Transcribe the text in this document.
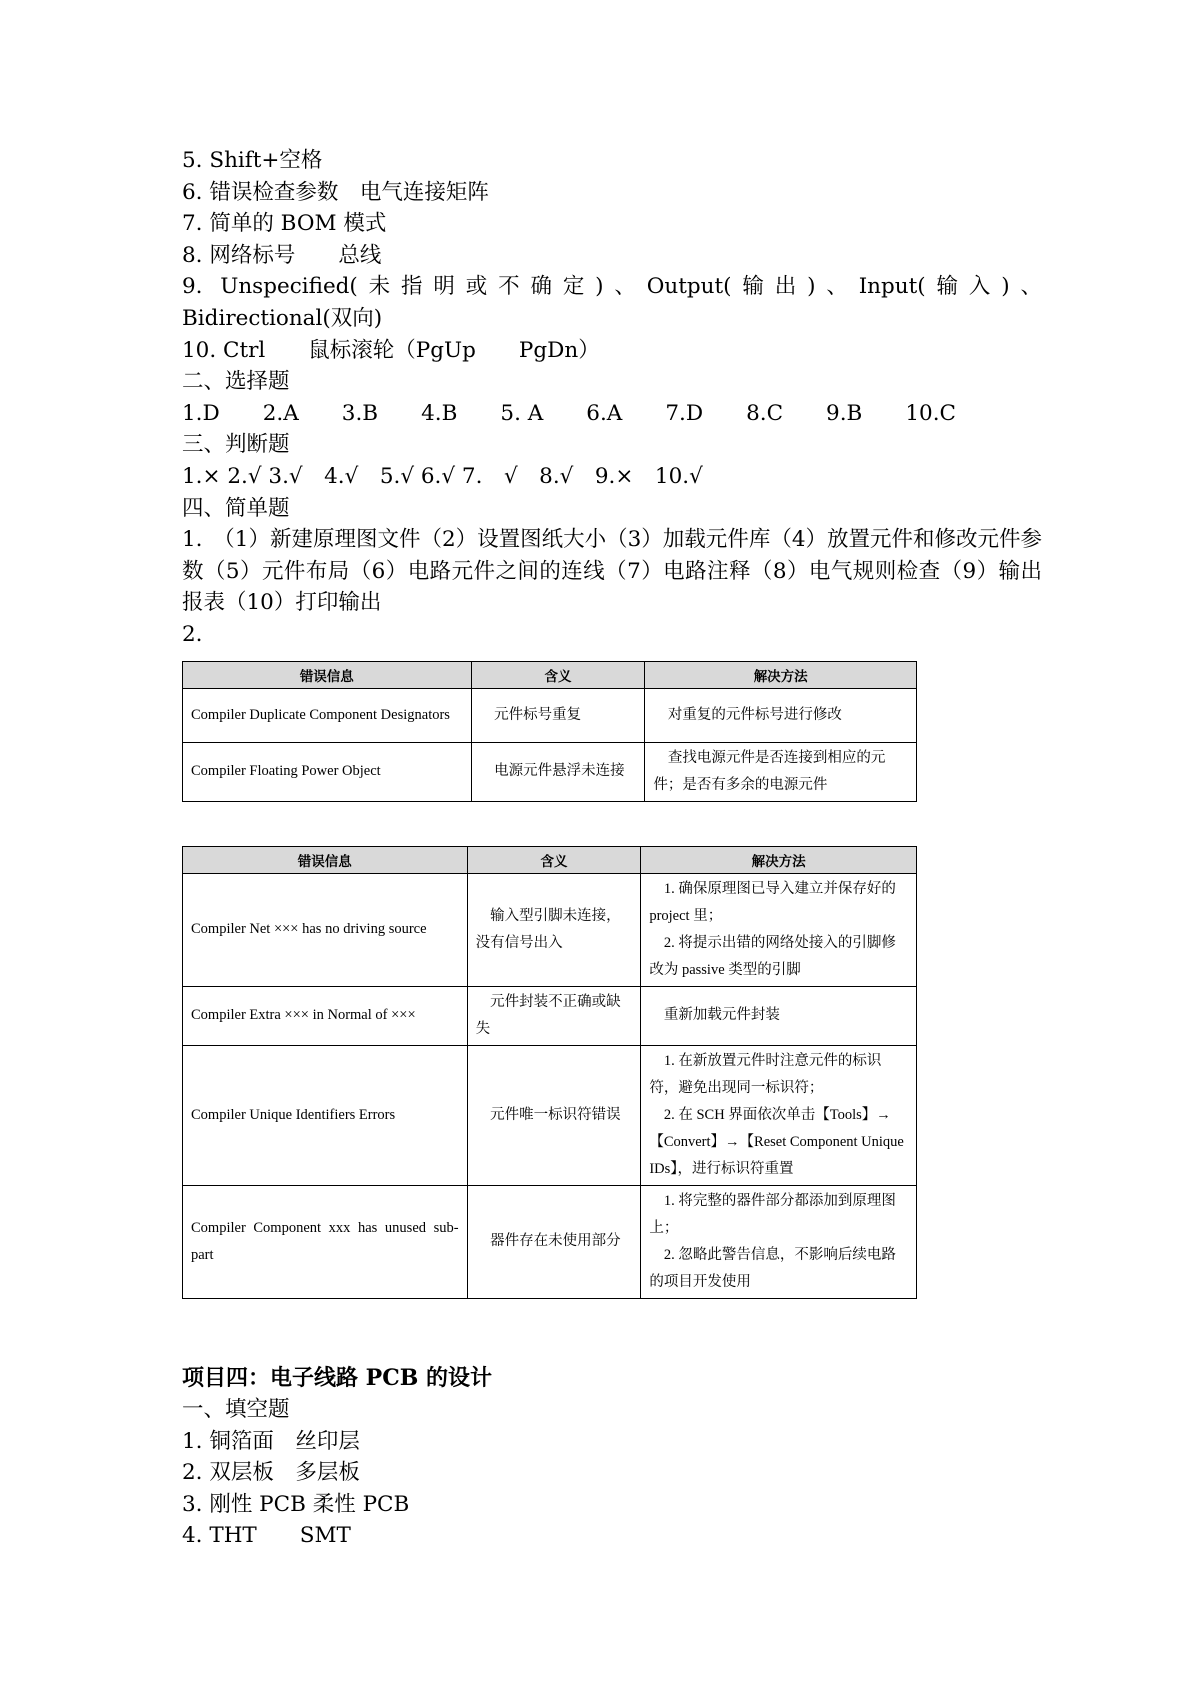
5. Shift+空格
6. 错误检查参数　电气连接矩阵
7. 简单的 BOM 模式
8. 网络标号　　总线
9. Unspecified(未指明或不确定)、Output(输出)、Input(输入)、
Bidirectional(双向)
10. Ctrl　　鼠标滚轮（PgUp　　PgDn）
二、选择题
1.D　　2.A　　3.B　　4.B　　5. A　　6.A　　7.D　　8.C　　9.B　　10.C
三、判断题
1.× 2.√ 3.√　4.√　5.√ 6.√ 7.　√　8.√　9.×　10.√
四、简单题
1.　（1）新建原理图文件（2）设置图纸大小（3）加载元件库（4）放置元件和修改元件参数（5）元件布局（6）电路元件之间的连线（7）电路注释（8）电气规则检查（9）输出报表（10）打印输出
2.
错误信息	含义	解决方法
Compiler Duplicate Component Designators	元件标号重复	对重复的元件标号进行修改
Compiler Floating Power Object	电源元件悬浮未连接	查找电源元件是否连接到相应的元件；是否有多余的电源元件
错误信息	含义	解决方法
Compiler Net ××× has no driving source	输入型引脚未连接，没有信号出入	1. 确保原理图已导入建立并保存好的 project 里；
2. 将提示出错的网络处接入的引脚修改为 passive 类型的引脚

Compiler Extra ××× in Normal of ×××	元件封装不正确或缺失	重新加载元件封装

Compiler Unique Identifiers Errors	元件唯一标识符错误	1. 在新放置元件时注意元件的标识符，避免出现同一标识符；
2. 在 SCH 界面依次单击【Tools】→【Convert】→【Reset Component Unique IDs】，进行标识符重置

Compiler Component xxx has unused sub-part	器件存在未使用部分	1. 将完整的器件部分都添加到原理图上；
2. 忽略此警告信息，不影响后续电路的项目开发使用
项目四：电子线路 PCB 的设计
一、填空题
1. 铜箔面　丝印层
2. 双层板　多层板
3. 刚性 PCB 柔性 PCB
4. THT　　SMT
